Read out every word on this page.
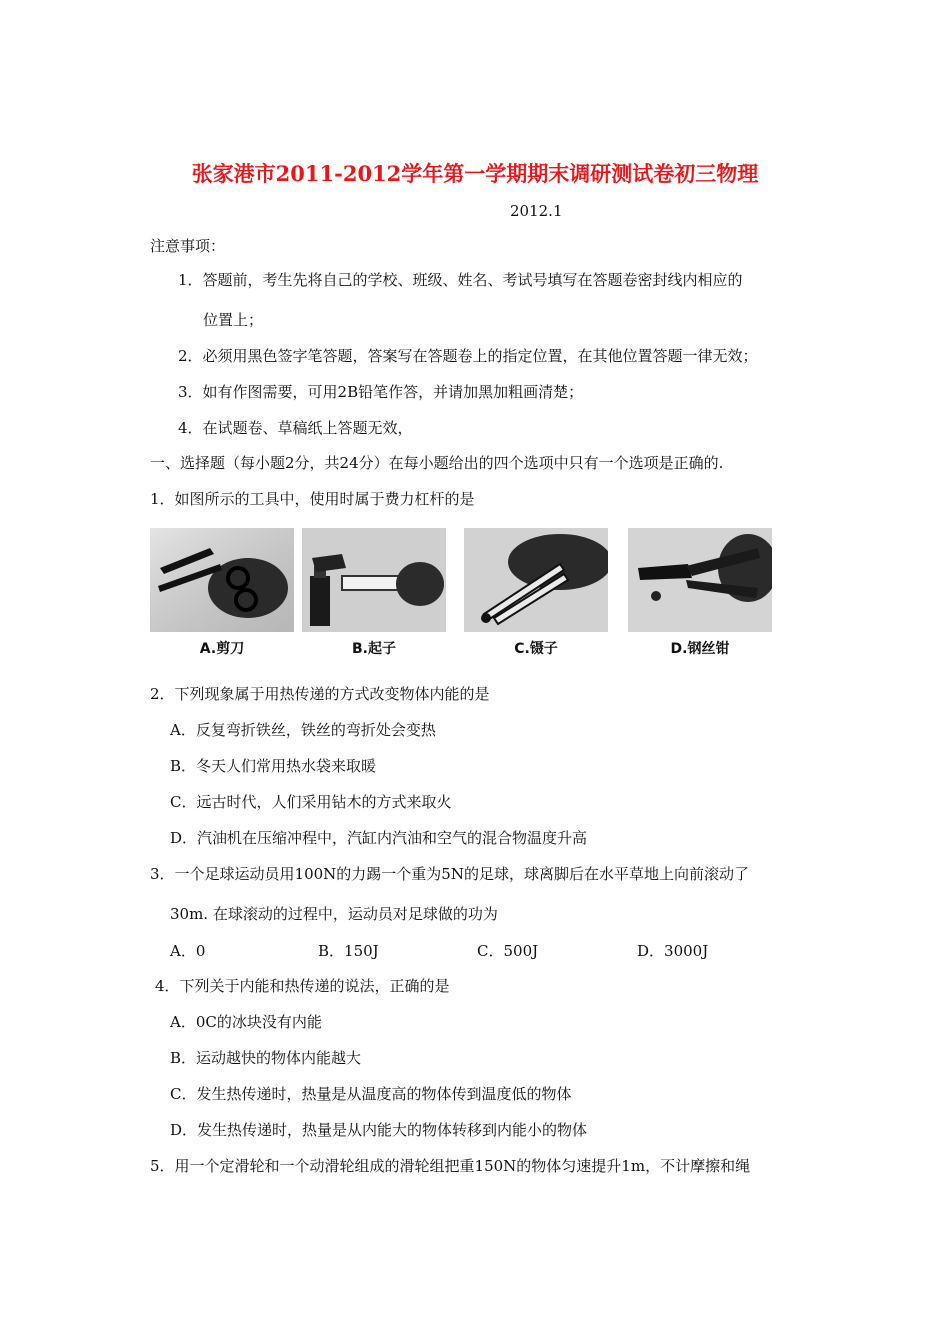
张家港市2011-2012学年第一学期期末调研测试卷初三物理
2012.1
注意事项：
1．答题前，考生先将自己的学校、班级、姓名、考试号填写在答题卷密封线内相应的
位置上；
2．必须用黑色签字笔答题，答案写在答题卷上的指定位置，在其他位置答题一律无效；
3．如有作图需要，可用2B铅笔作答，并请加黑加粗画清楚；
4．在试题卷、草稿纸上答题无效，
一、选择题（每小题2分，共24分）在每小题给出的四个选项中只有一个选项是正确的.
1．如图所示的工具中，使用时属于费力杠杆的是
A.剪刀	B.起子	C.镊子	D.钢丝钳
2．下列现象属于用热传递的方式改变物体内能的是
A．反复弯折铁丝，铁丝的弯折处会变热
B．冬天人们常用热水袋来取暖
C．远古时代，人们采用钻木的方式来取火
D．汽油机在压缩冲程中，汽缸内汽油和空气的混合物温度升高
3．一个足球运动员用100N的力踢一个重为5N的足球，球离脚后在水平草地上向前滚动了
30m. 在球滚动的过程中，运动员对足球做的功为
A．0	B．150J	C．500J	D．3000J
4．下列关于内能和热传递的说法，正确的是
A．0C的冰块没有内能
B．运动越快的物体内能越大
C．发生热传递时，热量是从温度高的物体传到温度低的物体
D．发生热传递时，热量是从内能大的物体转移到内能小的物体
5．用一个定滑轮和一个动滑轮组成的滑轮组把重150N的物体匀速提升1m，不计摩擦和绳
